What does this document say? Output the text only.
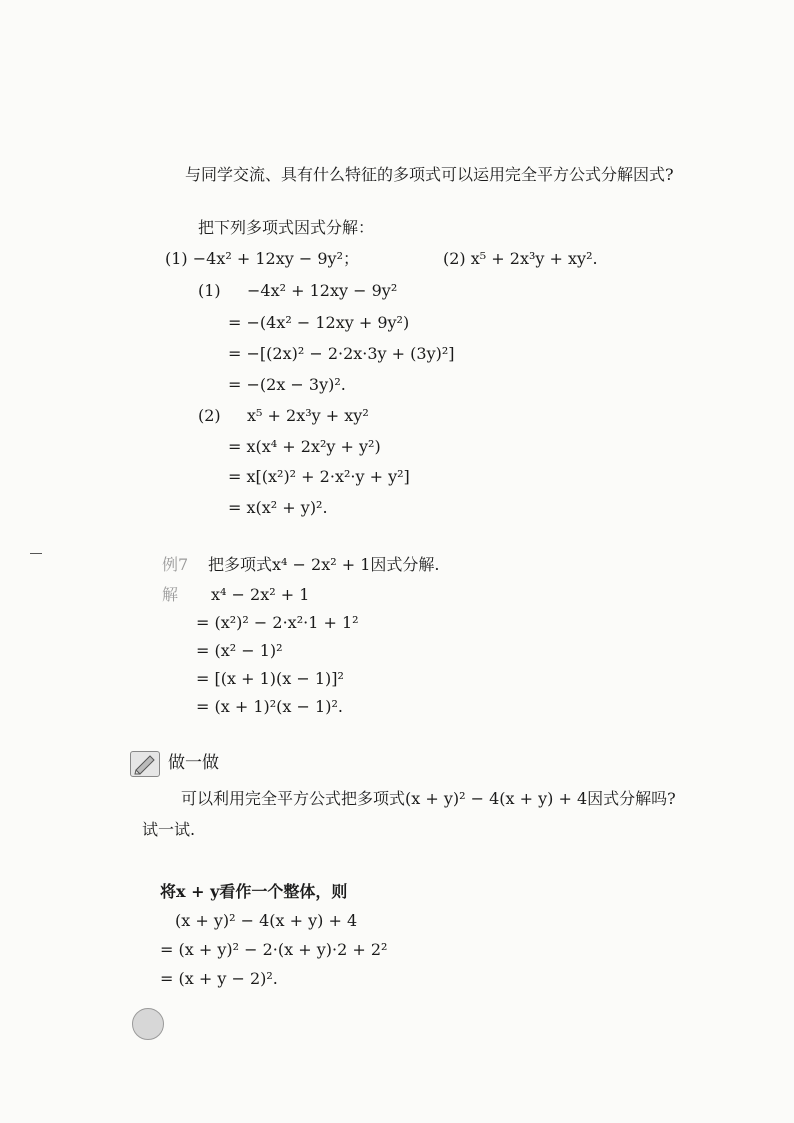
与同学交流、具有什么特征的多项式可以运用完全平方公式分解因式?
把下列多项式因式分解：
(1) −4x² + 12xy − 9y²；	(2) x⁵ + 2x³y + xy².
(1) −4x² + 12xy − 9y²
= −(4x² − 12xy + 9y²)
= −[(2x)² − 2·2x·3y + (3y)²]
= −(2x − 3y)².
(2) x⁵ + 2x³y + xy²
= x(x⁴ + 2x²y + y²)
= x[(x²)² + 2·x²·y + y²]
= x(x² + y)².
例7 把多项式x⁴ − 2x² + 1因式分解.
解 x⁴ − 2x² + 1
= (x²)² − 2·x²·1 + 1²
= (x² − 1)²
= [(x + 1)(x − 1)]²
= (x + 1)²(x − 1)².
做一做
可以利用完全平方公式把多项式(x + y)² − 4(x + y) + 4因式分解吗?
试一试.
将x + y看作一个整体，则
(x + y)² − 4(x + y) + 4
= (x + y)² − 2·(x + y)·2 + 2²
= (x + y − 2)².
